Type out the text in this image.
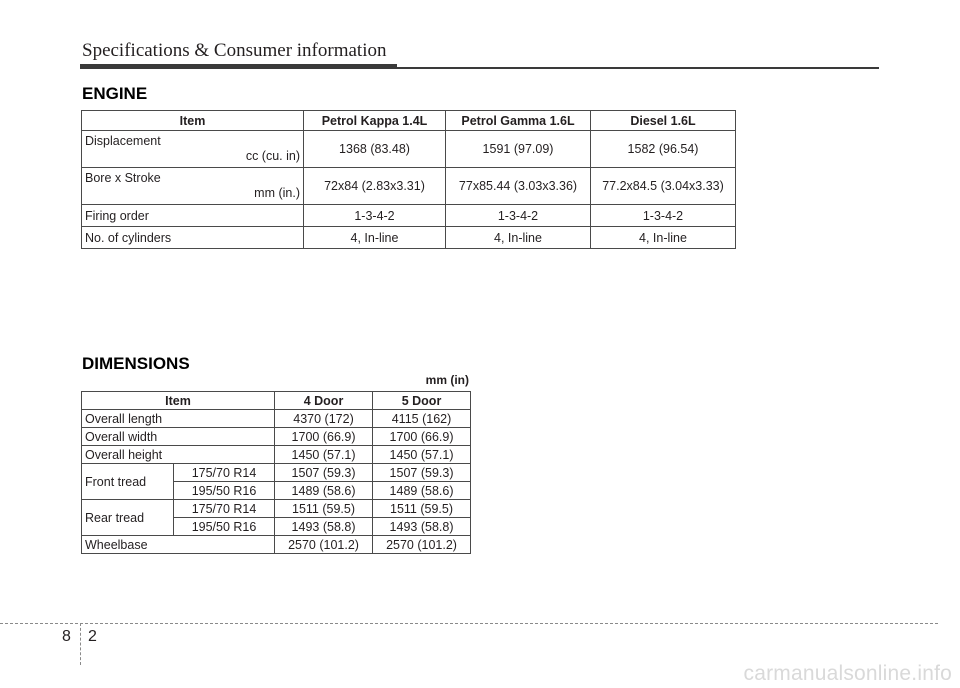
Specifications & Consumer information
ENGINE
Item	Petrol Kappa 1.4L	Petrol Gamma 1.6L	Diesel 1.6L

Displacement
cc (cu. in)	1368 (83.48)	1591 (97.09)	1582 (96.54)

Bore x Stroke
mm (in.)	72x84 (2.83x3.31)	77x85.44 (3.03x3.36)	77.2x84.5 (3.04x3.33)
Firing order	1-3-4-2	1-3-4-2	1-3-4-2
No. of cylinders	4, In-line	4, In-line	4, In-line
DIMENSIONS
mm (in)
Item		4 Door	5 Door
Overall length		4370 (172)	4115 (162)
Overall width		1700 (66.9)	1700 (66.9)
Overall height		1450 (57.1)	1450 (57.1)
Front tread	175/70 R14	1507 (59.3)	1507 (59.3)
	195/50 R16	1489 (58.6)	1489 (58.6)
Rear tread	175/70 R14	1511 (59.5)	1511 (59.5)
	195/50 R16	1493 (58.8)	1493 (58.8)
Wheelbase		2570 (101.2)	2570 (101.2)
8 2
carmanualsonline.info
